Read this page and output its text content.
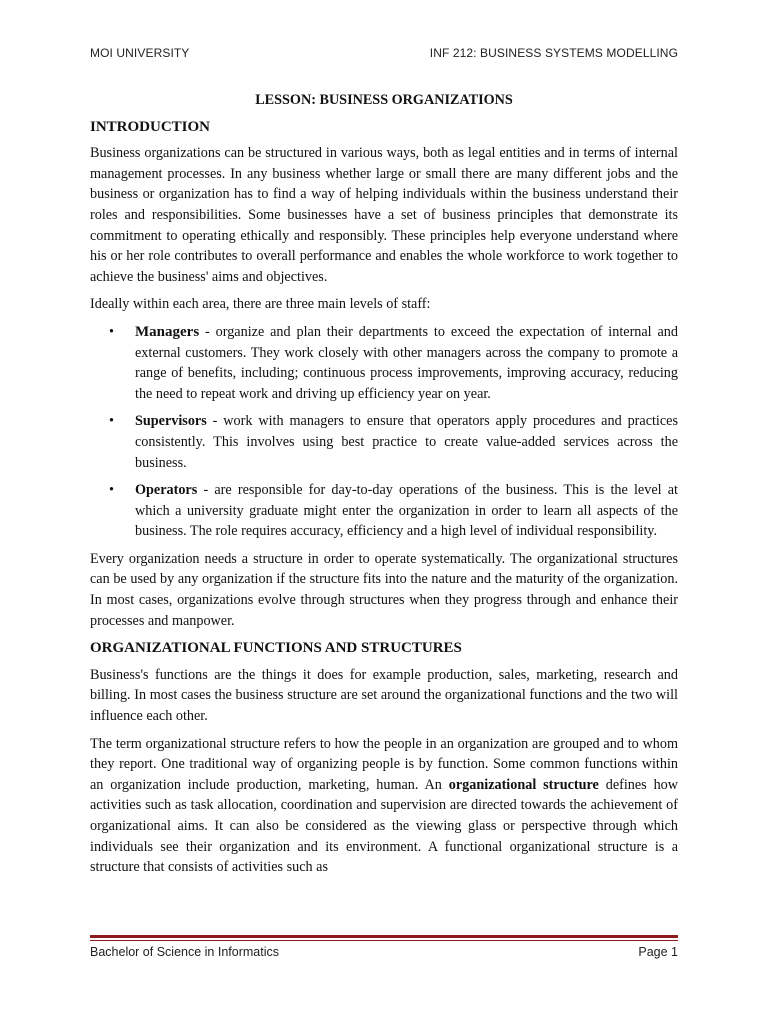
MOI UNIVERSITY	INF 212: BUSINESS SYSTEMS MODELLING
LESSON: BUSINESS ORGANIZATIONS
INTRODUCTION

Business organizations can be structured in various ways, both as legal entities and in terms of internal management processes. In any business whether large or small there are many different jobs and the business or organization has to find a way of helping individuals within the business understand their roles and responsibilities. Some businesses have a set of business principles that demonstrate its commitment to operating ethically and responsibly. These principles help everyone understand where his or her role contributes to overall performance and enables the whole workforce to work together to achieve the business' aims and objectives.

Ideally within each area, there are three main levels of staff:

• Managers - organize and plan their departments to exceed the expectation of internal and external customers. They work closely with other managers across the company to promote a range of benefits, including; continuous process improvements, improving accuracy, reducing the need to repeat work and driving up efficiency year on year.
• Supervisors - work with managers to ensure that operators apply procedures and practices consistently. This involves using best practice to create value-added services across the business.
• Operators - are responsible for day-to-day operations of the business. This is the level at which a university graduate might enter the organization in order to learn all aspects of the business. The role requires accuracy, efficiency and a high level of individual responsibility.

Every organization needs a structure in order to operate systematically. The organizational structures can be used by any organization if the structure fits into the nature and the maturity of the organization. In most cases, organizations evolve through structures when they progress through and enhance their processes and manpower.

ORGANIZATIONAL FUNCTIONS AND STRUCTURES

Business's functions are the things it does for example production, sales, marketing, research and billing. In most cases the business structure are set around the organizational functions and the two will influence each other.

The term organizational structure refers to how the people in an organization are grouped and to whom they report. One traditional way of organizing people is by function. Some common functions within an organization include production, marketing, human. An organizational structure defines how activities such as task allocation, coordination and supervision are directed towards the achievement of organizational aims. It can also be considered as the viewing glass or perspective through which individuals see their organization and its environment. A functional organizational structure is a structure that consists of activities such as

Bachelor of Science in Informatics	Page 1
